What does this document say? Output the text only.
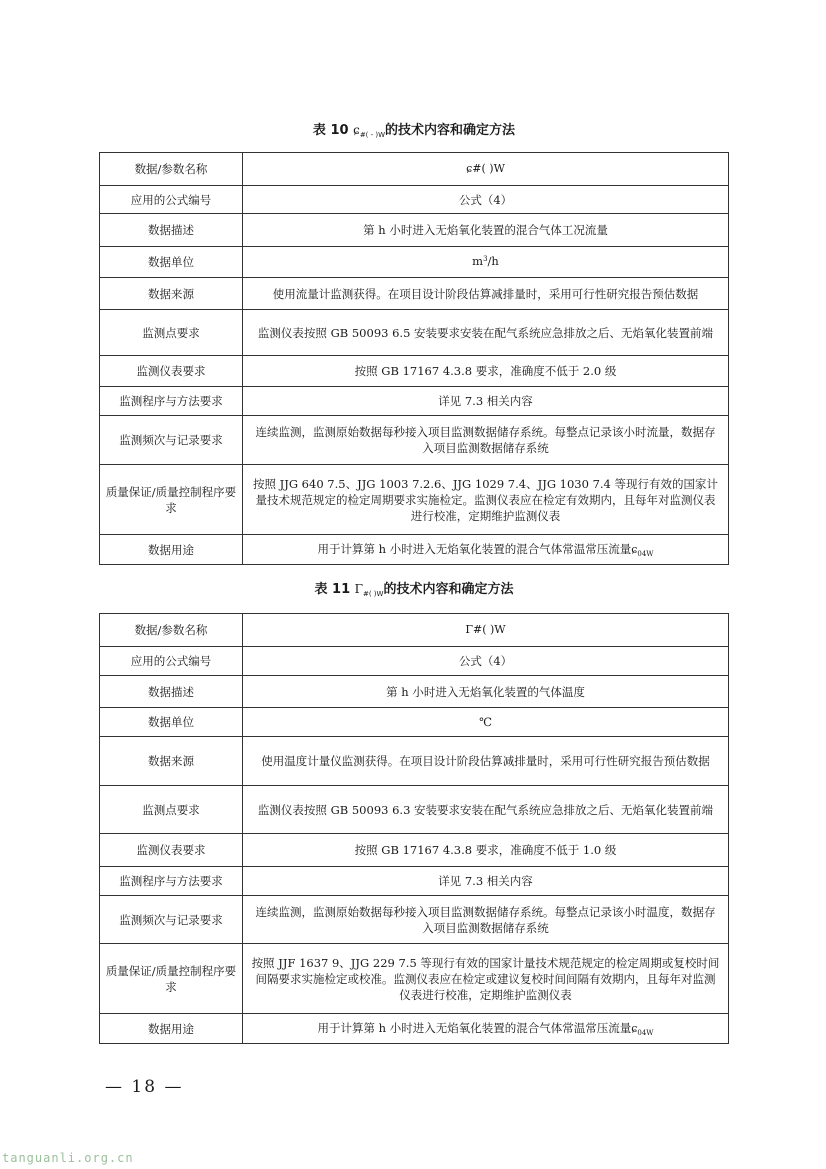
表 10 ɕ$_{\#( - )W}$的技术内容和确定方法
数据/参数名称	ɕ#( )W
应用的公式编号	公式（4）
数据描述	第 h 小时进入无焰氧化装置的混合气体工况流量
数据单位	$m^3/h$
数据来源	使用流量计监测获得。在项目设计阶段估算减排量时，采用可行性研究报告预估数据
监测点要求	监测仪表按照 GB 50093 6.5 安装要求安装在配气系统应急排放之后、无焰氧化装置前端
监测仪表要求	按照 GB 17167 4.3.8 要求，准确度不低于 2.0 级
监测程序与方法要求	详见 7.3 相关内容
监测频次与记录要求	连续监测，监测原始数据每秒接入项目监测数据储存系统。每整点记录该小时流量，数据存入项目监测数据储存系统
质量保证/质量控制程序要求	按照 JJG 640 7.5、JJG 1003 7.2.6、JJG 1029 7.4、JJG 1030 7.4 等现行有效的国家计量技术规范规定的检定周期要求实施检定。监测仪表应在检定有效期内，且每年对监测仪表进行校准，定期维护监测仪表
数据用途	用于计算第 h 小时进入无焰氧化装置的混合气体常温常压流量ɕ$_{04W}$
表 11 $\Gamma_{\#( )W}$的技术内容和确定方法
数据/参数名称	Γ#( )W
应用的公式编号	公式（4）
数据描述	第 h 小时进入无焰氧化装置的气体温度
数据单位	℃
数据来源	使用温度计量仪监测获得。在项目设计阶段估算减排量时，采用可行性研究报告预估数据
监测点要求	监测仪表按照 GB 50093 6.3 安装要求安装在配气系统应急排放之后、无焰氧化装置前端
监测仪表要求	按照 GB 17167 4.3.8 要求，准确度不低于 1.0 级
监测程序与方法要求	详见 7.3 相关内容
监测频次与记录要求	连续监测，监测原始数据每秒接入项目监测数据储存系统。每整点记录该小时温度，数据存入项目监测数据储存系统
质量保证/质量控制程序要求	按照 JJF 1637 9、JJG 229 7.5 等现行有效的国家计量技术规范规定的检定周期或复校时间间隔要求实施检定或校准。监测仪表应在检定或建议复校时间间隔有效期内，且每年对监测仪表进行校准，定期维护监测仪表
数据用途	用于计算第 h 小时进入无焰氧化装置的混合气体常温常压流量ɕ$_{04W}$
— 18 —
tanguanli.org.cn
